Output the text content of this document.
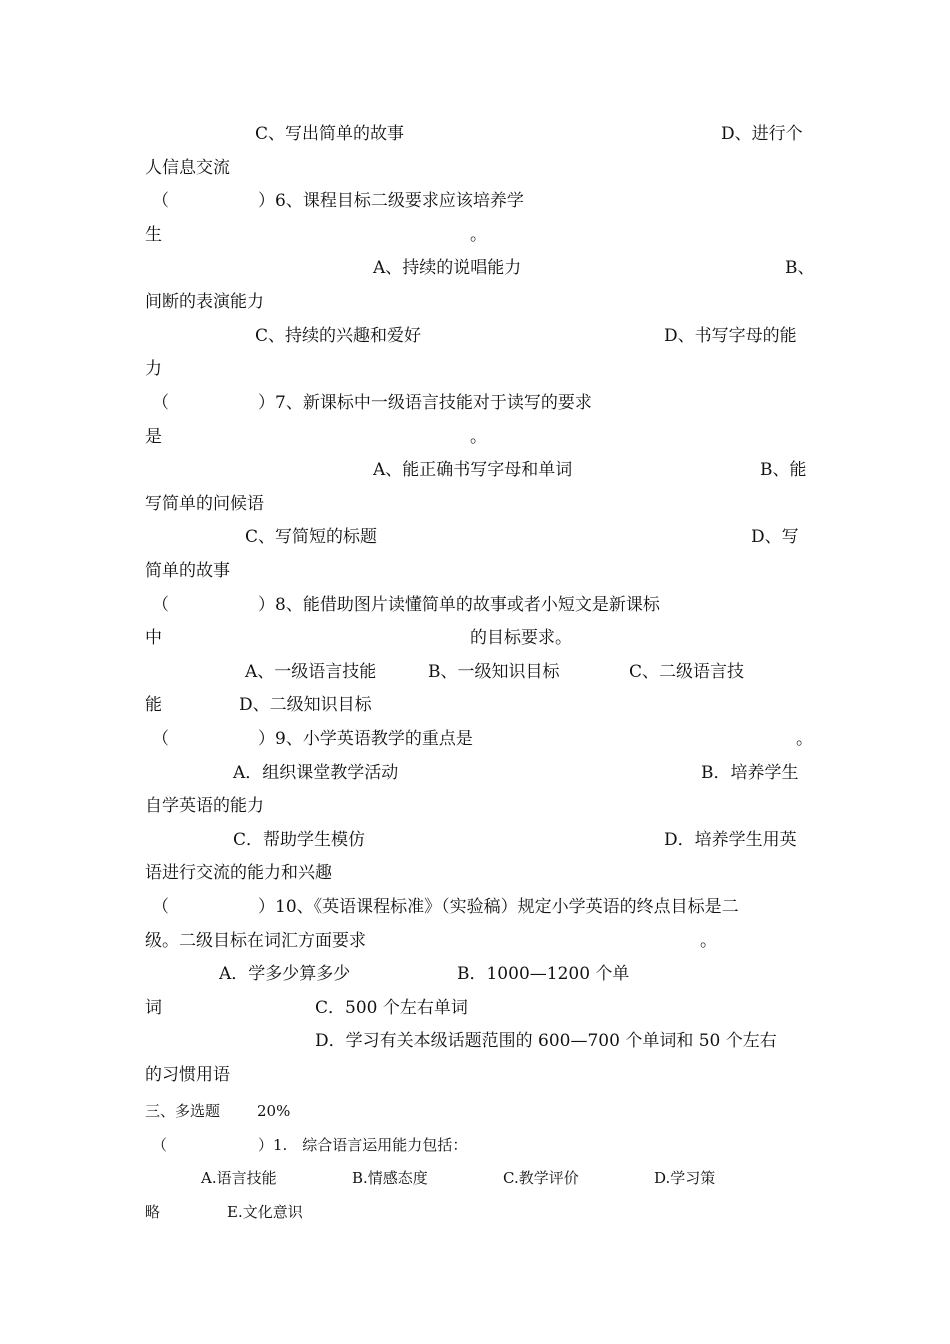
C、写出简单的故事	D、进行个
人信息交流
（	）6、课程目标二级要求应该培养学
生	。
A、持续的说唱能力	B、
间断的表演能力
C、持续的兴趣和爱好	D、书写字母的能
力
（	）7、新课标中一级语言技能对于读写的要求
是	。
A、能正确书写字母和单词	B、能
写简单的问候语
C、写简短的标题	D、写
简单的故事
（	）8、能借助图片读懂简单的故事或者小短文是新课标
中	的目标要求。
A、一级语言技能	B、一级知识目标	C、二级语言技
能	D、二级知识目标
（	）9、小学英语教学的重点是	。
A．组织课堂教学活动	B．培养学生
自学英语的能力
C．帮助学生模仿	D．培养学生用英
语进行交流的能力和兴趣
（	）10、《英语课程标准》（实验稿）规定小学英语的终点目标是二
级。二级目标在词汇方面要求	。
A．学多少算多少	B．1000—1200 个单
词	C．500 个左右单词
D．学习有关本级话题范围的 600—700 个单词和 50 个左右
的习惯用语
三、多选题 20%
（	）1.　综合语言运用能力包括：
A.语言技能	B.情感态度	C.教学评价	D.学习策
略	E.文化意识
